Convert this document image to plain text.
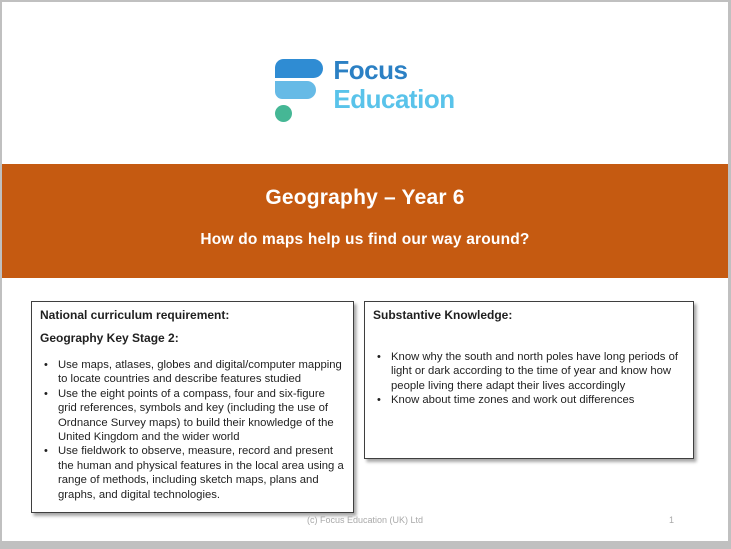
Focus
Education
Geography – Year 6
How do maps help us find our way around?

National curriculum requirement:

Geography Key Stage 2:

• Use maps, atlases, globes and digital/computer mapping to locate countries and describe features studied
• Use the eight points of a compass, four and six-figure grid references, symbols and key (including the use of Ordnance Survey maps) to build their knowledge of the United Kingdom and the wider world
• Use fieldwork to observe, measure, record and present the human and physical features in the local area using a range of methods, including sketch maps, plans and graphs, and digital technologies.

Substantive Knowledge:

• Know why the south and north poles have long periods of light or dark according to the time of year and know how people living there adapt their lives accordingly
• Know about time zones and work out differences
(c) Focus Education (UK) Ltd	1
